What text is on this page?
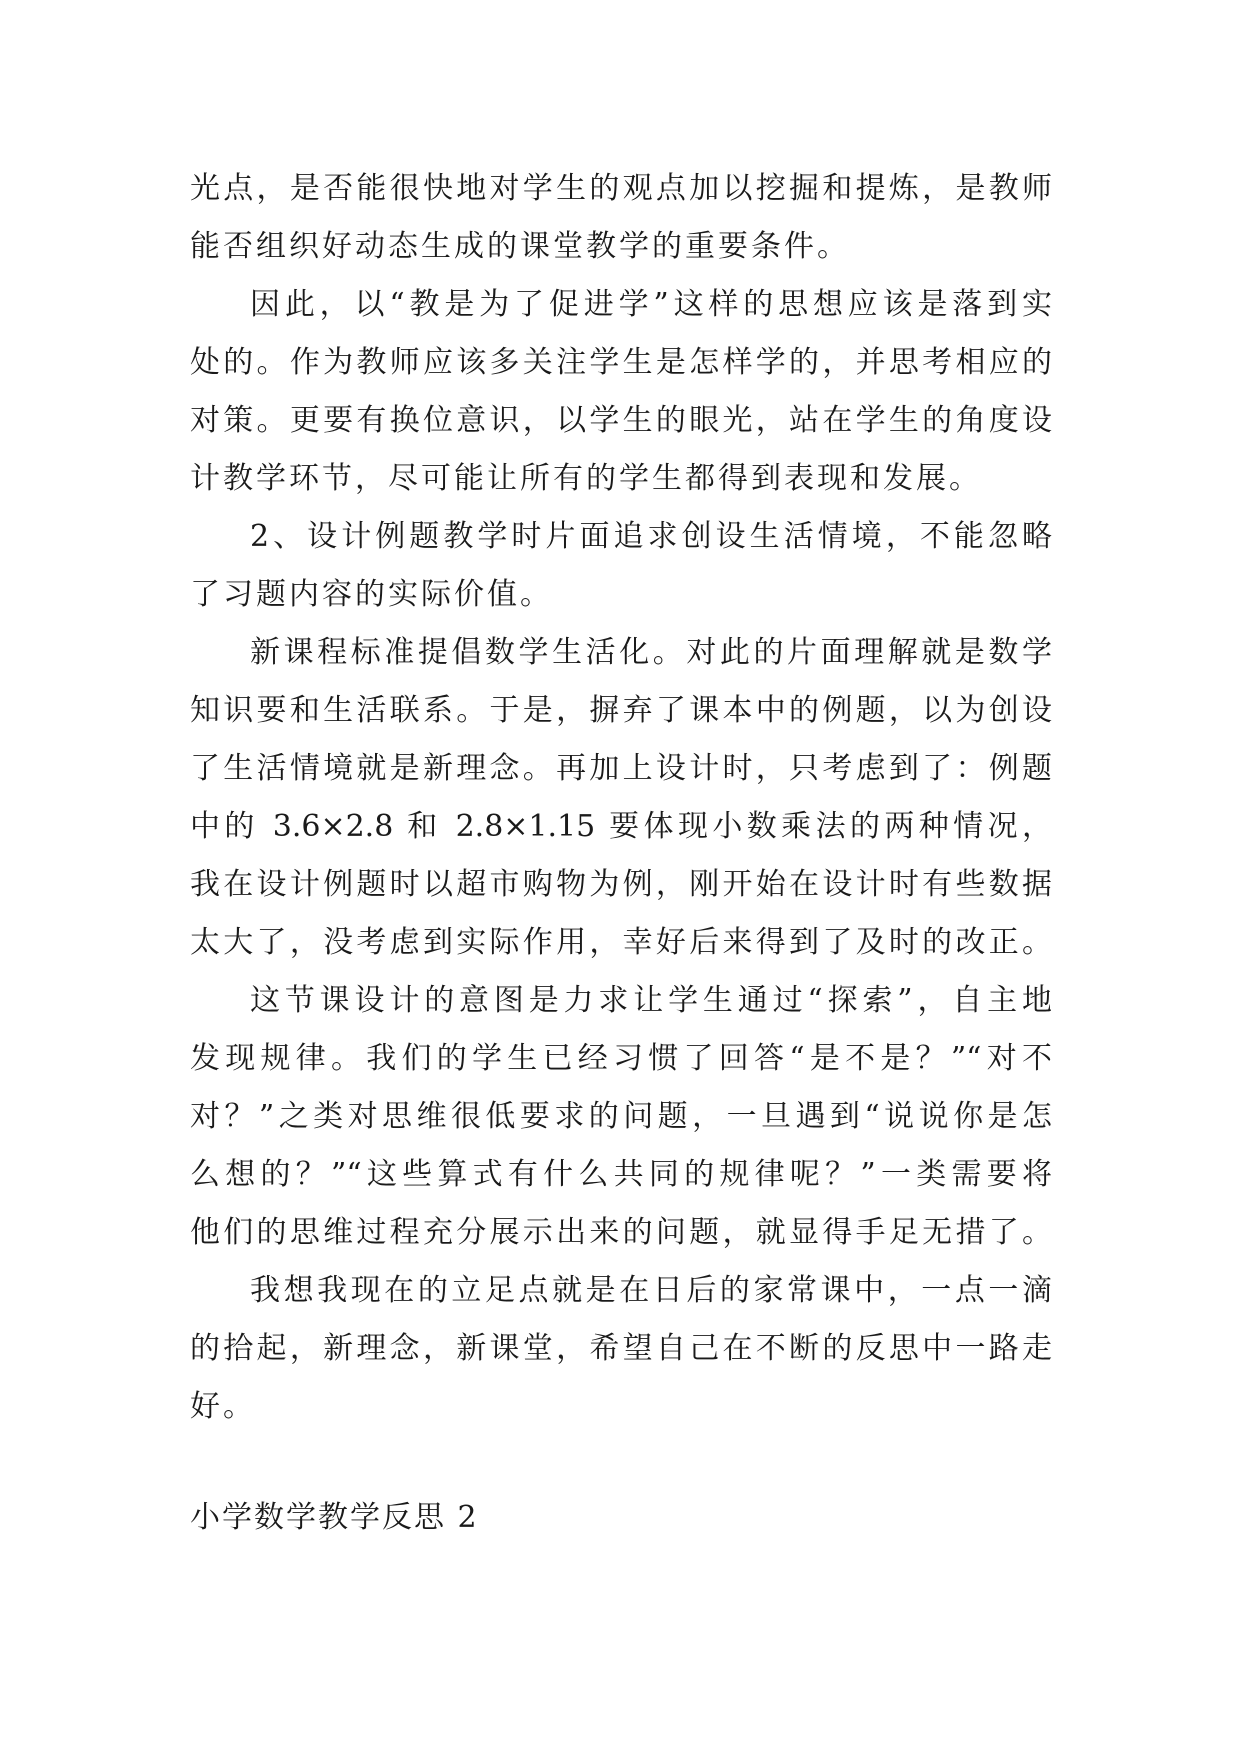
光点，是否能很快地对学生的观点加以挖掘和提炼，是教师
能否组织好动态生成的课堂教学的重要条件。
因此，以“教是为了促进学”这样的思想应该是落到实
处的。作为教师应该多关注学生是怎样学的，并思考相应的
对策。更要有换位意识，以学生的眼光，站在学生的角度设
计教学环节，尽可能让所有的学生都得到表现和发展。
2、设计例题教学时片面追求创设生活情境，不能忽略
了习题内容的实际价值。
新课程标准提倡数学生活化。对此的片面理解就是数学
知识要和生活联系。于是，摒弃了课本中的例题，以为创设
了生活情境就是新理念。再加上设计时，只考虑到了：例题
中的 3.6×2.8 和 2.8×1.15 要体现小数乘法的两种情况，
我在设计例题时以超市购物为例，刚开始在设计时有些数据
太大了，没考虑到实际作用，幸好后来得到了及时的改正。
这节课设计的意图是力求让学生通过“探索”，自主地
发现规律。我们的学生已经习惯了回答“是不是？”“对不
对？”之类对思维很低要求的问题，一旦遇到“说说你是怎
么想的？”“这些算式有什么共同的规律呢？”一类需要将
他们的思维过程充分展示出来的问题，就显得手足无措了。
我想我现在的立足点就是在日后的家常课中，一点一滴
的拾起，新理念，新课堂，希望自己在不断的反思中一路走
好。
小学数学教学反思 2
